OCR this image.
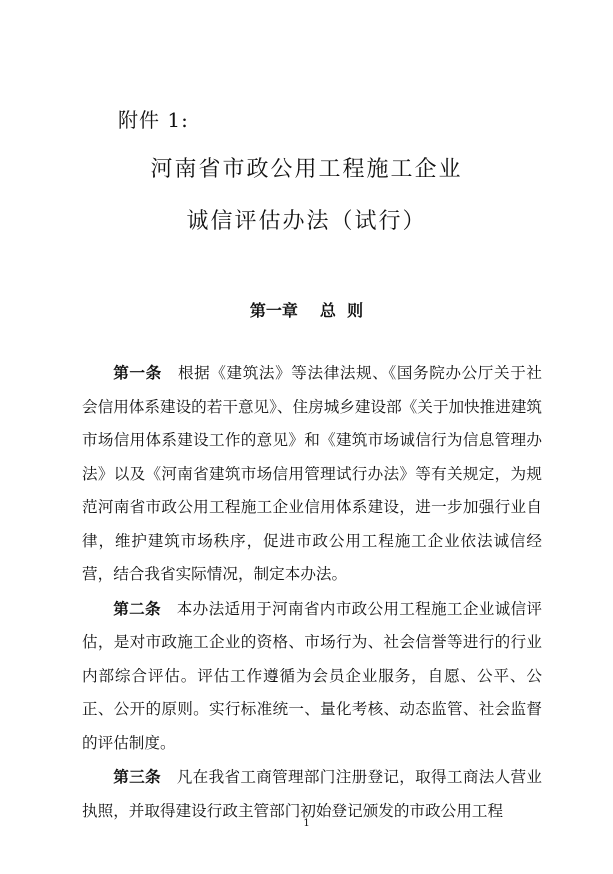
附件 1:
河南省市政公用工程施工企业
诚信评估办法（试行）
第一章 总  则

第一条　 根据《建筑法》等法律法规、《国务院办公厅关于社会信用体系建设的若干意见》、住房城乡建设部《关于加快推进建筑市场信用体系建设工作的意见》和《建筑市场诚信行为信息管理办法》以及《河南省建筑市场信用管理试行办法》等有关规定，为规范河南省市政公用工程施工企业信用体系建设，进一步加强行业自律，维护建筑市场秩序，促进市政公用工程施工企业依法诚信经营，结合我省实际情况，制定本办法。

第二条　 本办法适用于河南省内市政公用工程施工企业诚信评估，是对市政施工企业的资格、市场行为、社会信誉等进行的行业内部综合评估。评估工作遵循为会员企业服务，自愿、公平、公正、公开的原则。实行标准统一、量化考核、动态监管、社会监督的评估制度。

第三条　 凡在我省工商管理部门注册登记，取得工商法人营业执照，并取得建设行政主管部门初始登记颁发的市政公用工程

1
